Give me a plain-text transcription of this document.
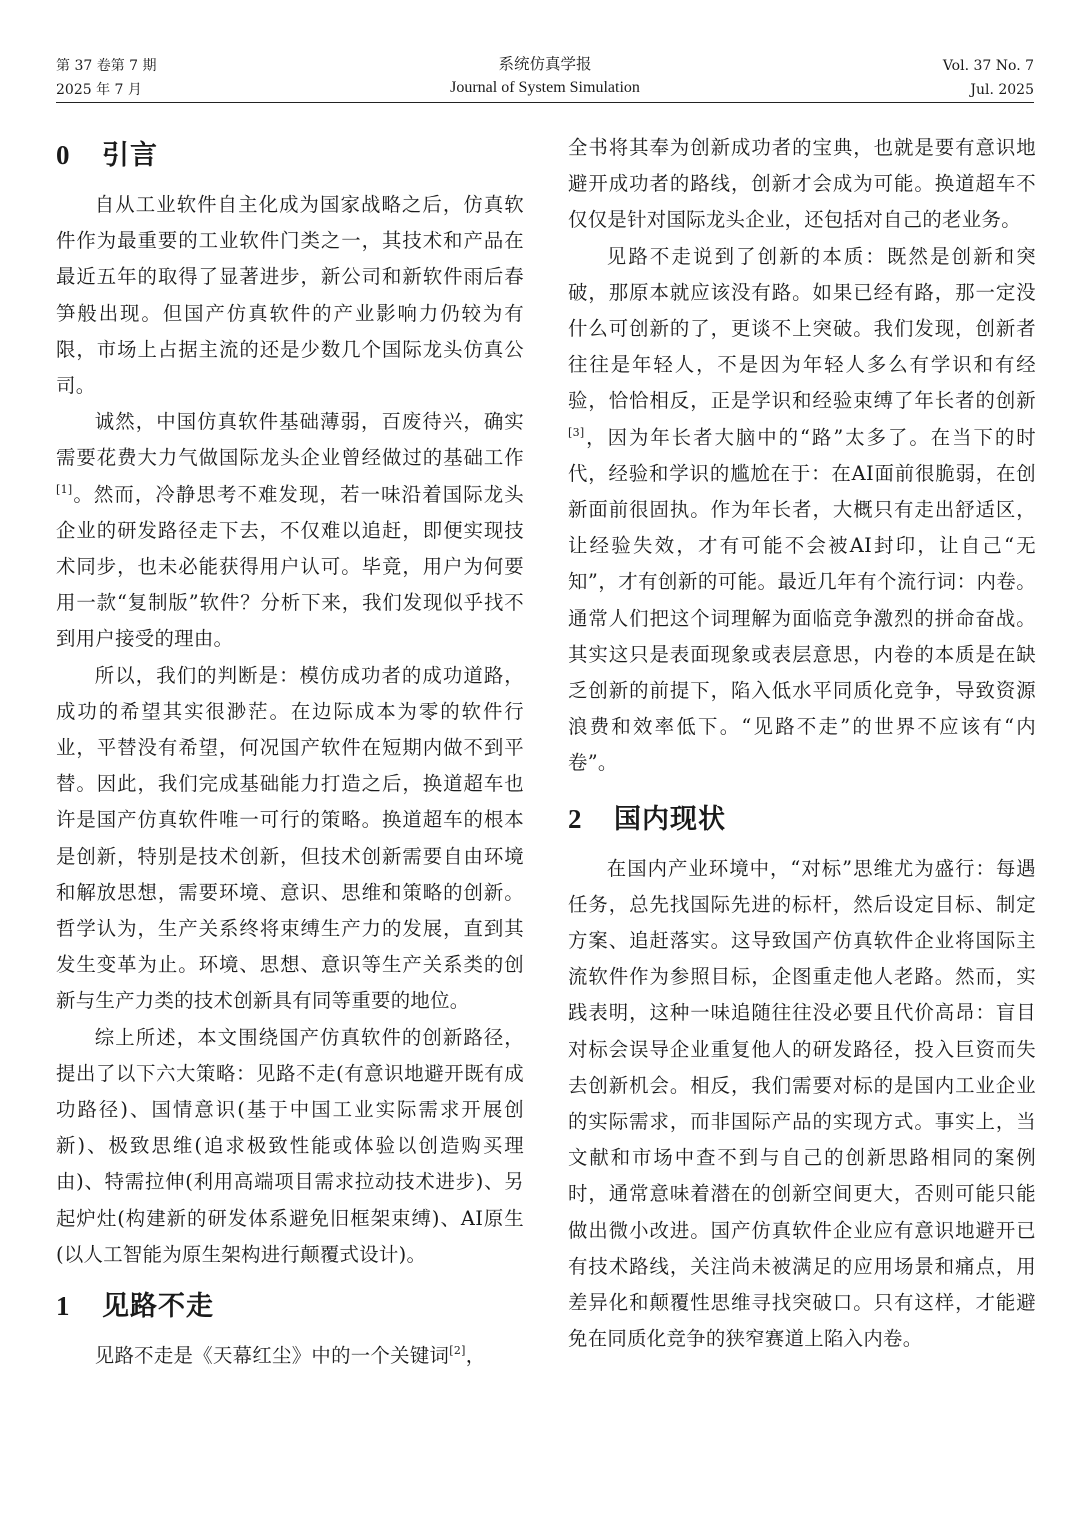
第 37 卷第 7 期
2025 年 7 月
系统仿真学报
Journal of System Simulation
Vol. 37 No. 7
Jul. 2025
0 引言

自从工业软件自主化成为国家战略之后，仿真软件作为最重要的工业软件门类之一，其技术和产品在最近五年的取得了显著进步，新公司和新软件雨后春笋般出现。但国产仿真软件的产业影响力仍较为有限，市场上占据主流的还是少数几个国际龙头仿真公司。

诚然，中国仿真软件基础薄弱，百废待兴，确实需要花费大力气做国际龙头企业曾经做过的基础工作[1]。然而，冷静思考不难发现，若一味沿着国际龙头企业的研发路径走下去，不仅难以追赶，即便实现技术同步，也未必能获得用户认可。毕竟，用户为何要用一款“复制版”软件？分析下来，我们发现似乎找不到用户接受的理由。

所以，我们的判断是：模仿成功者的成功道路，成功的希望其实很渺茫。在边际成本为零的软件行业，平替没有希望，何况国产软件在短期内做不到平替。因此，我们完成基础能力打造之后，换道超车也许是国产仿真软件唯一可行的策略。换道超车的根本是创新，特别是技术创新，但技术创新需要自由环境和解放思想，需要环境、意识、思维和策略的创新。哲学认为，生产关系终将束缚生产力的发展，直到其发生变革为止。环境、思想、意识等生产关系类的创新与生产力类的技术创新具有同等重要的地位。

综上所述，本文围绕国产仿真软件的创新路径，提出了以下六大策略：见路不走(有意识地避开既有成功路径)、国情意识(基于中国工业实际需求开展创新)、极致思维(追求极致性能或体验以创造购买理由)、特需拉伸(利用高端项目需求拉动技术进步)、另起炉灶(构建新的研发体系避免旧框架束缚)、AI原生(以人工智能为原生架构进行颠覆式设计)。

1 见路不走

见路不走是《天幕红尘》中的一个关键词[2]，

全书将其奉为创新成功者的宝典，也就是要有意识地避开成功者的路线，创新才会成为可能。换道超车不仅仅是针对国际龙头企业，还包括对自己的老业务。

见路不走说到了创新的本质：既然是创新和突破，那原本就应该没有路。如果已经有路，那一定没什么可创新的了，更谈不上突破。我们发现，创新者往往是年轻人，不是因为年轻人多么有学识和有经验，恰恰相反，正是学识和经验束缚了年长者的创新[3]，因为年长者大脑中的“路”太多了。在当下的时代，经验和学识的尴尬在于：在AI面前很脆弱，在创新面前很固执。作为年长者，大概只有走出舒适区，让经验失效，才有可能不会被AI封印，让自己“无知”，才有创新的可能。最近几年有个流行词：内卷。通常人们把这个词理解为面临竞争激烈的拼命奋战。其实这只是表面现象或表层意思，内卷的本质是在缺乏创新的前提下，陷入低水平同质化竞争，导致资源浪费和效率低下。“见路不走”的世界不应该有“内卷”。

2 国内现状

在国内产业环境中，“对标”思维尤为盛行：每遇任务，总先找国际先进的标杆，然后设定目标、制定方案、追赶落实。这导致国产仿真软件企业将国际主流软件作为参照目标，企图重走他人老路。然而，实践表明，这种一味追随往往没必要且代价高昂：盲目对标会误导企业重复他人的研发路径，投入巨资而失去创新机会。相反，我们需要对标的是国内工业企业的实际需求，而非国际产品的实现方式。事实上，当文献和市场中查不到与自己的创新思路相同的案例时，通常意味着潜在的创新空间更大，否则可能只能做出微小改进。国产仿真软件企业应有意识地避开已有技术路线，关注尚未被满足的应用场景和痛点，用差异化和颠覆性思维寻找突破口。只有这样，才能避免在同质化竞争的狭窄赛道上陷入内卷。
